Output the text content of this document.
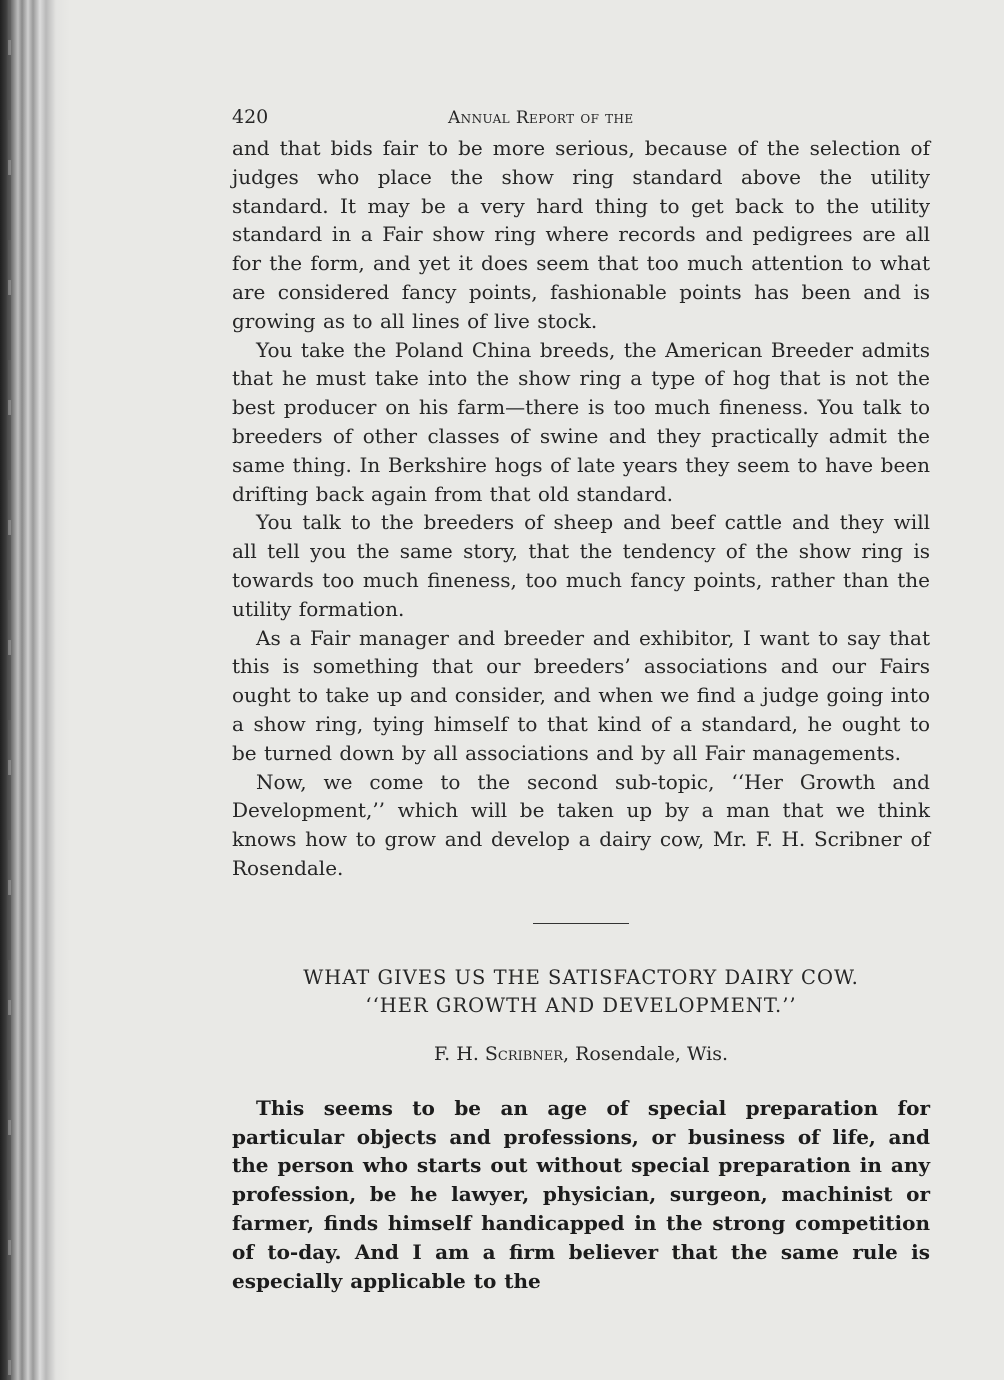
420	Annual Report of the

and that bids fair to be more serious, because of the selection of judges who place the show ring standard above the utility standard. It may be a very hard thing to get back to the utility standard in a Fair show ring where records and pedigrees are all for the form, and yet it does seem that too much attention to what are considered fancy points, fashionable points has been and is growing as to all lines of live stock.

You take the Poland China breeds, the American Breeder admits that he must take into the show ring a type of hog that is not the best producer on his farm—there is too much fineness. You talk to breeders of other classes of swine and they practically admit the same thing. In Berkshire hogs of late years they seem to have been drifting back again from that old standard.

You talk to the breeders of sheep and beef cattle and they will all tell you the same story, that the tendency of the show ring is towards too much fineness, too much fancy points, rather than the utility formation.

As a Fair manager and breeder and exhibitor, I want to say that this is something that our breeders’ associations and our Fairs ought to take up and consider, and when we find a judge going into a show ring, tying himself to that kind of a standard, he ought to be turned down by all associations and by all Fair managements.

Now, we come to the second sub-topic, ‘‘Her Growth and Development,’’ which will be taken up by a man that we think knows how to grow and develop a dairy cow, Mr. F. H. Scribner of Rosendale.

WHAT GIVES US THE SATISFACTORY DAIRY COW.
‘‘HER GROWTH AND DEVELOPMENT.’’
F. H. Scribner, Rosendale, Wis.

This seems to be an age of special preparation for particular objects and professions, or business of life, and the person who starts out without special preparation in any profession, be he lawyer, physician, surgeon, machinist or farmer, finds himself handicapped in the strong competition of to-day. And I am a firm believer that the same rule is especially applicable to the
